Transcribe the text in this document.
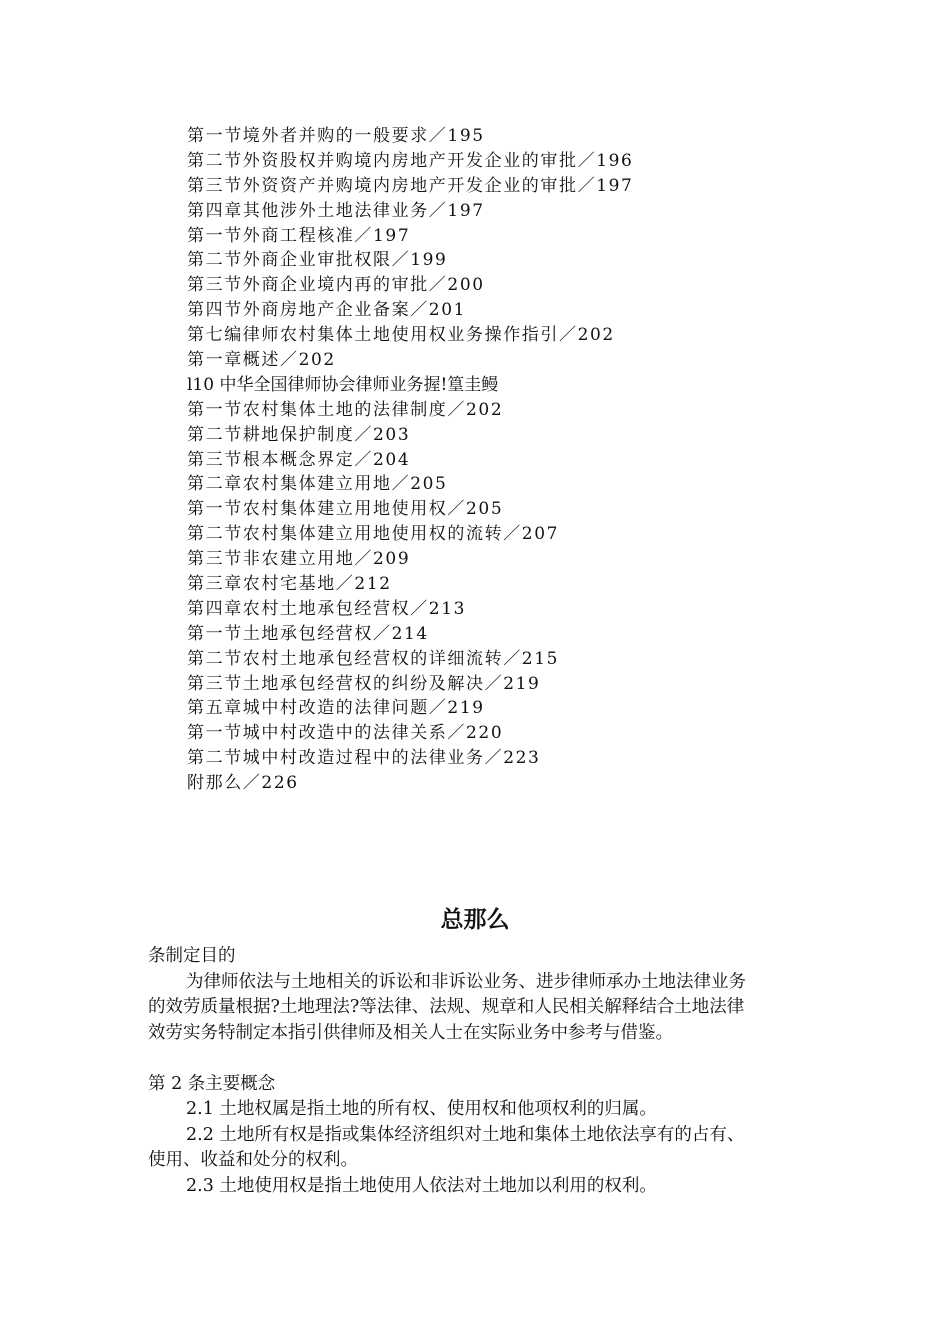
第一节境外者并购的一般要求／195
第二节外资股权并购境内房地产开发企业的审批／196
第三节外资资产并购境内房地产开发企业的审批／197
第四章其他涉外土地法律业务／197
第一节外商工程核准／197
第二节外商企业审批权限／199
第三节外商企业境内再的审批／200
第四节外商房地产企业备案／201
第七编律师农村集体土地使用权业务操作指引／202
第一章概述／202
l10 中华全国律师协会律师业务握!篁圭鳗
第一节农村集体土地的法律制度／202
第二节耕地保护制度／203
第三节根本概念界定／204
第二章农村集体建立用地／205
第一节农村集体建立用地使用权／205
第二节农村集体建立用地使用权的流转／207
第三节非农建立用地／209
第三章农村宅基地／212
第四章农村土地承包经营权／213
第一节土地承包经营权／214
第二节农村土地承包经营权的详细流转／215
第三节土地承包经营权的纠纷及解决／219
第五章城中村改造的法律问题／219
第一节城中村改造中的法律关系／220
第二节城中村改造过程中的法律业务／223
附那么／226
总那么

条制定目的

为律师依法与土地相关的诉讼和非诉讼业务、进步律师承办土地法律业务

的效劳质量根据?土地理法?等法律、法规、规章和人民相关解释结合土地法律

效劳实务特制定本指引供律师及相关人士在实际业务中参考与借鉴。

第 2 条主要概念

2.1 土地权属是指土地的所有权、使用权和他项权利的归属。

2.2 土地所有权是指或集体经济组织对土地和集体土地依法享有的占有、

使用、收益和处分的权利。

2.3 土地使用权是指土地使用人依法对土地加以利用的权利。
